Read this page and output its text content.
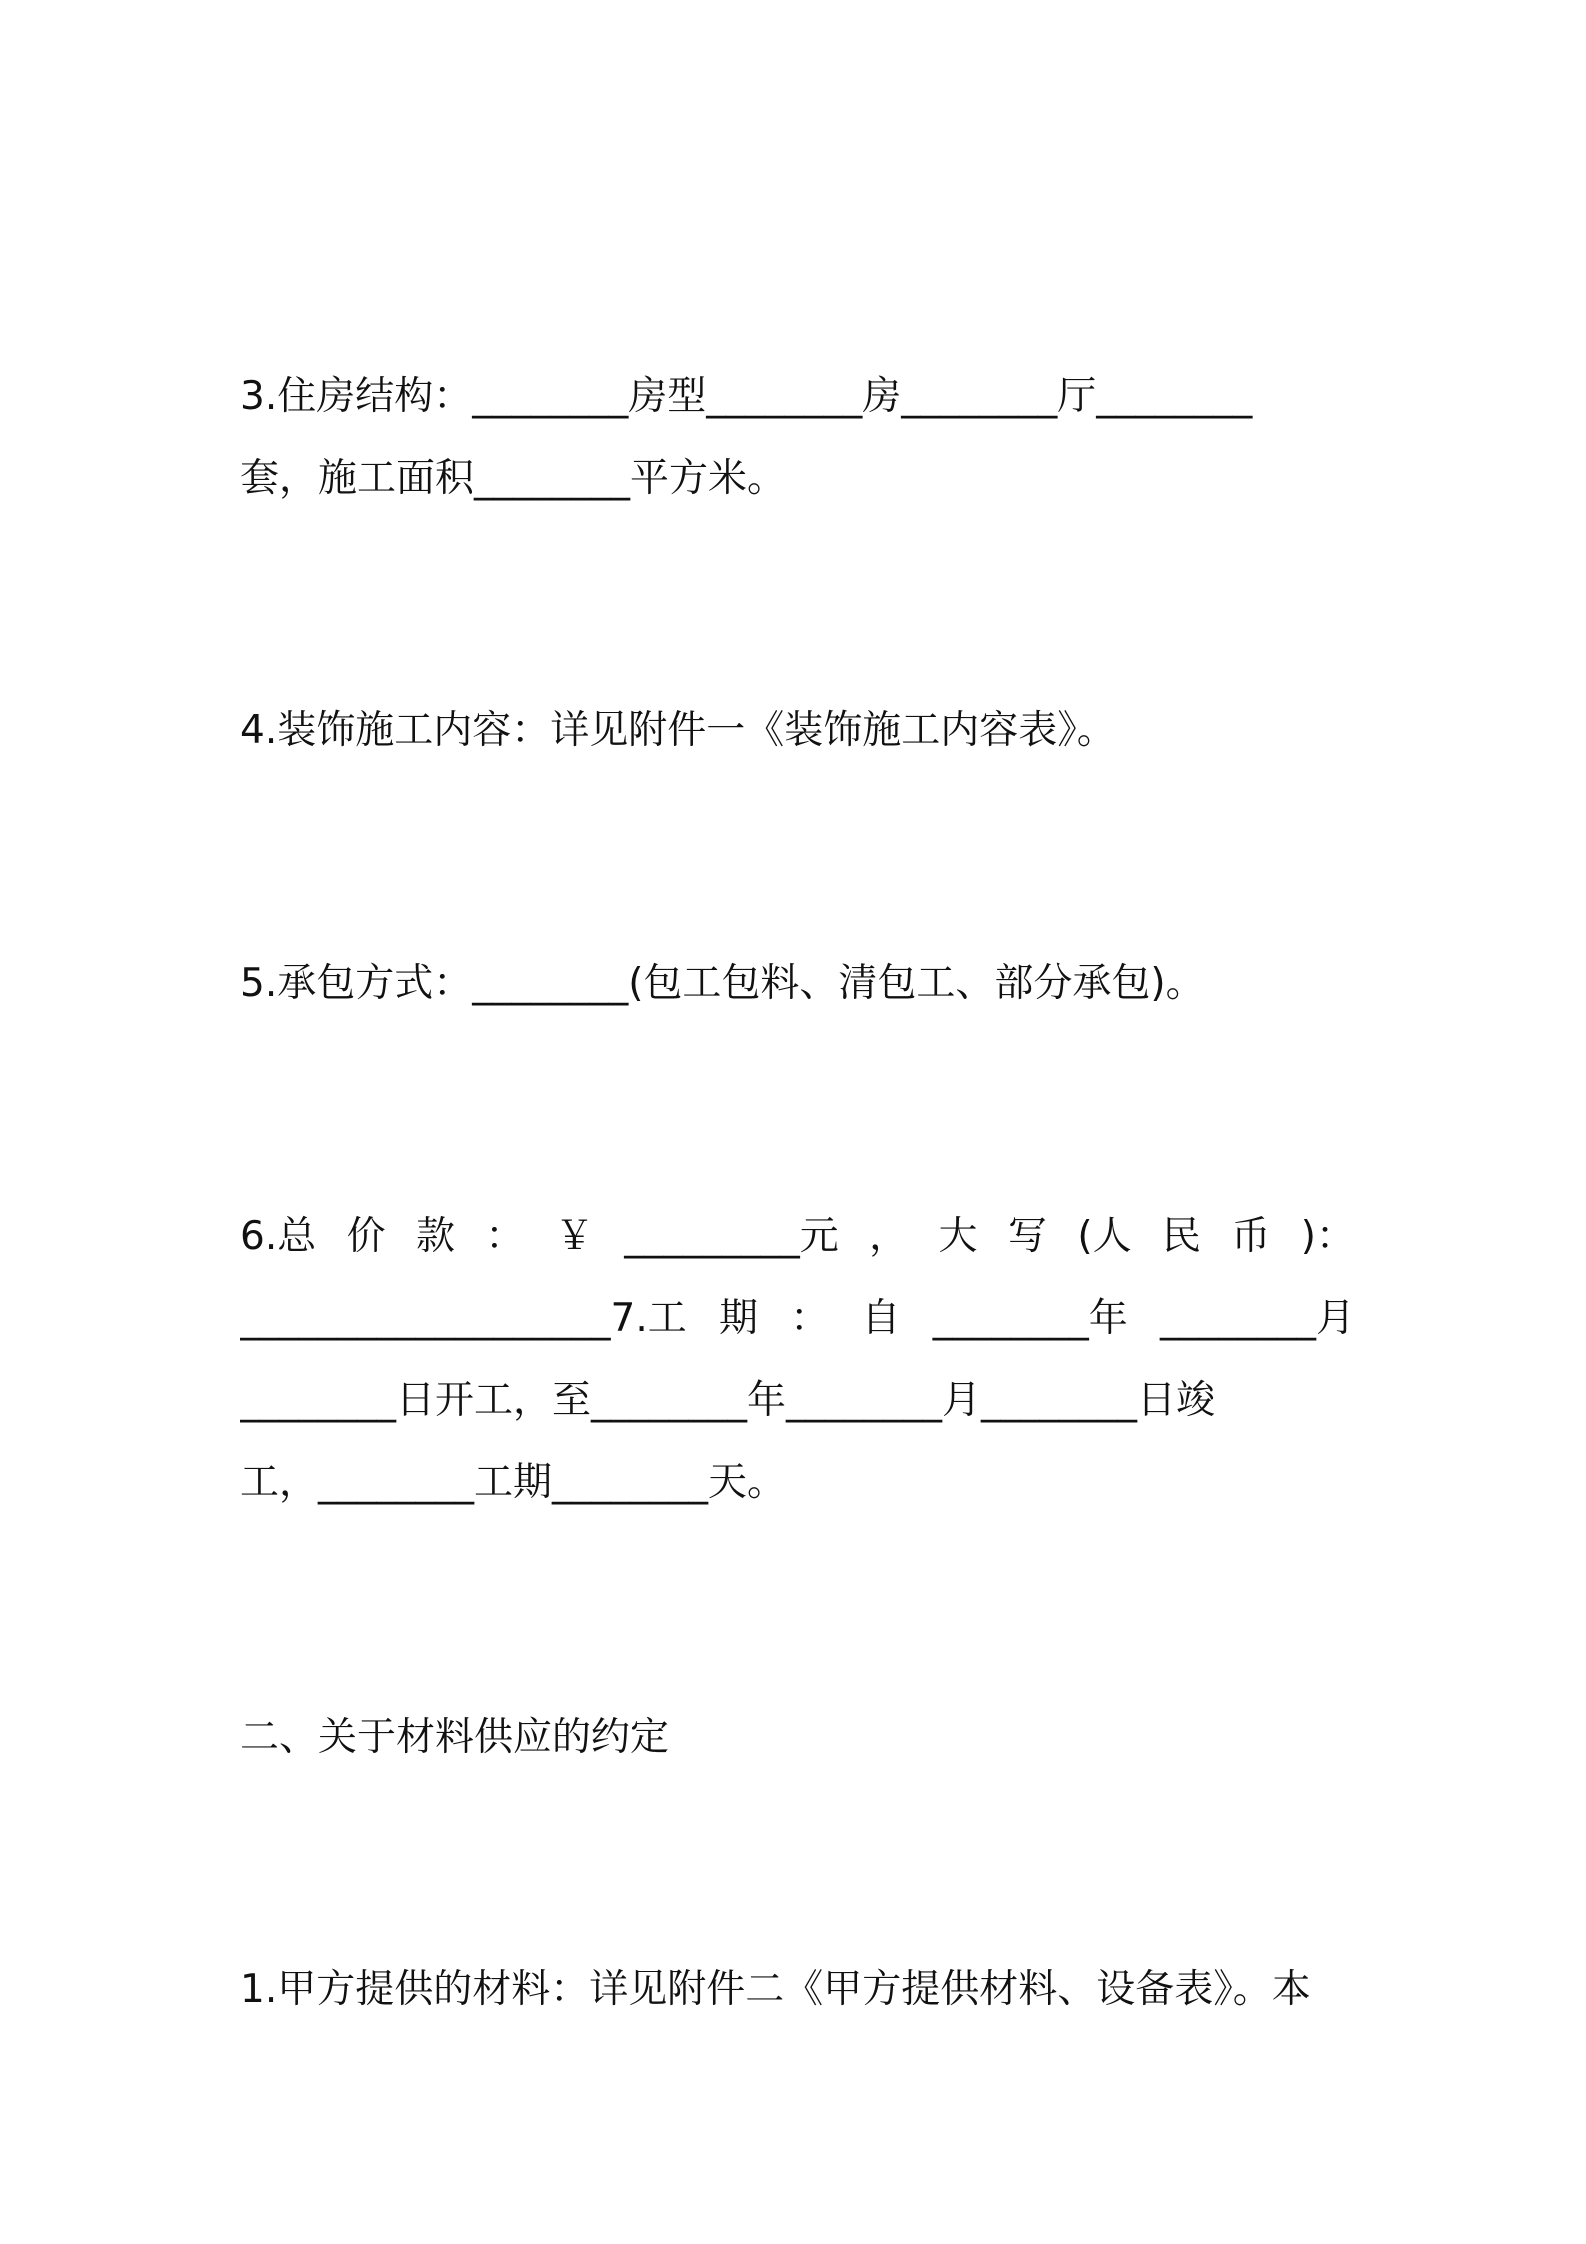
3.住房结构：________房型________房________厅________
套，施工面积________平方米。
4.装饰施工内容：详见附件一《装饰施工内容表》。
5.承包方式：________(包工包料、清包工、部分承包)。
6.总 价 款 ： ￥ _________元 ， 大 写 (人 民 币 )：
___________________7.工 期 ： 自 ________年 ________月
________日开工，至________年________月________日竣
工，________工期________天。
二、关于材料供应的约定
1.甲方提供的材料：详见附件二《甲方提供材料、设备表》。本
